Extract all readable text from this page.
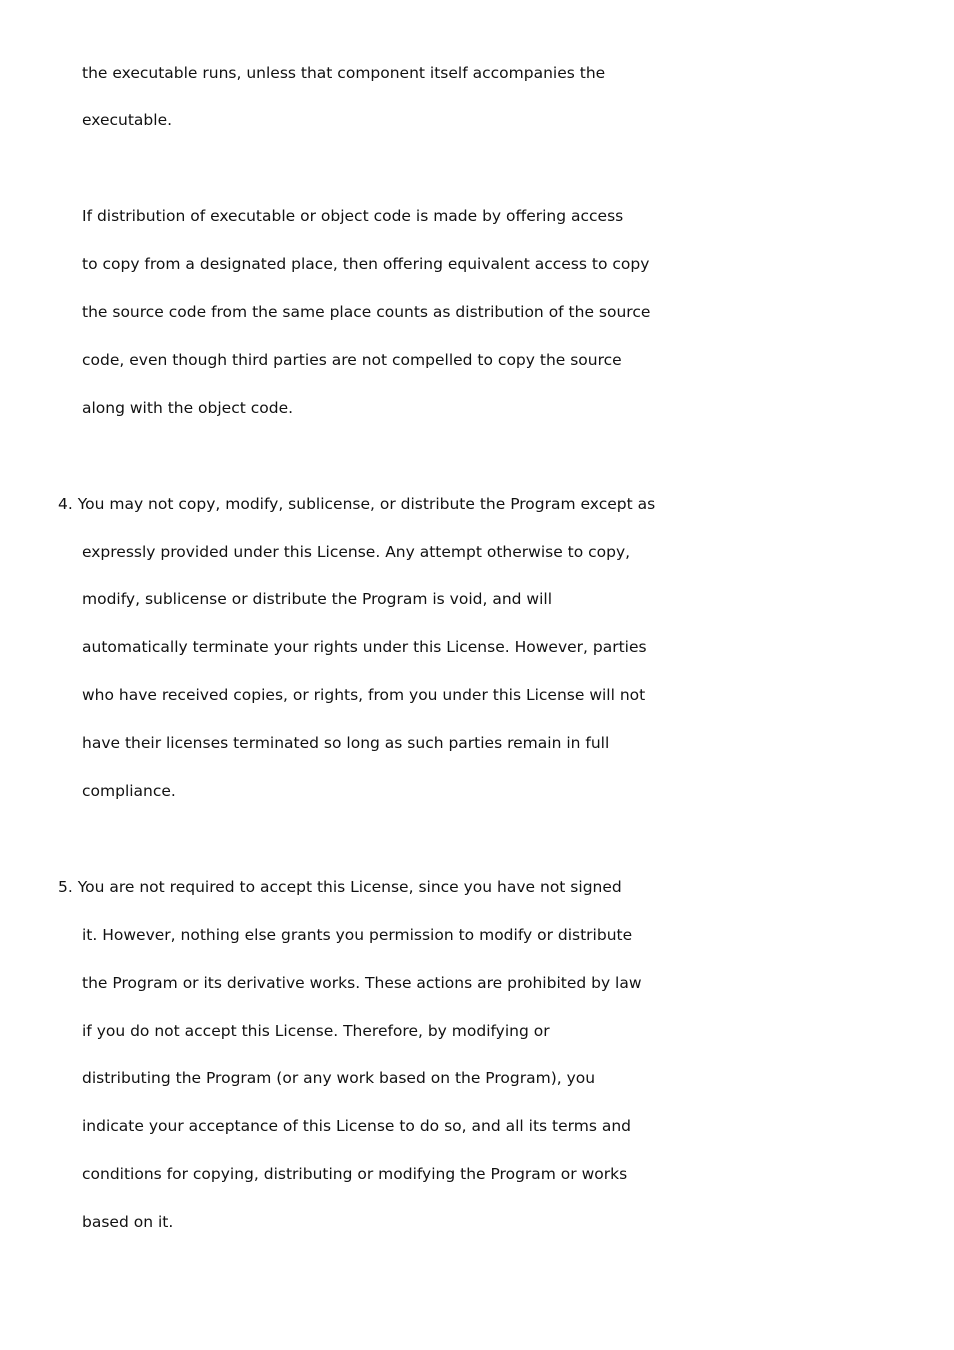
the executable runs, unless that component itself accompanies the
executable.
If distribution of executable or object code is made by offering access
to copy from a designated place, then offering equivalent access to copy
the source code from the same place counts as distribution of the source
code, even though third parties are not compelled to copy the source
along with the object code.
4. You may not copy, modify, sublicense, or distribute the Program except as
expressly provided under this License. Any attempt otherwise to copy,
modify, sublicense or distribute the Program is void, and will
automatically terminate your rights under this License. However, parties
who have received copies, or rights, from you under this License will not
have their licenses terminated so long as such parties remain in full
compliance.
5. You are not required to accept this License, since you have not signed
it. However, nothing else grants you permission to modify or distribute
the Program or its derivative works. These actions are prohibited by law
if you do not accept this License. Therefore, by modifying or
distributing the Program (or any work based on the Program), you
indicate your acceptance of this License to do so, and all its terms and
conditions for copying, distributing or modifying the Program or works
based on it.
